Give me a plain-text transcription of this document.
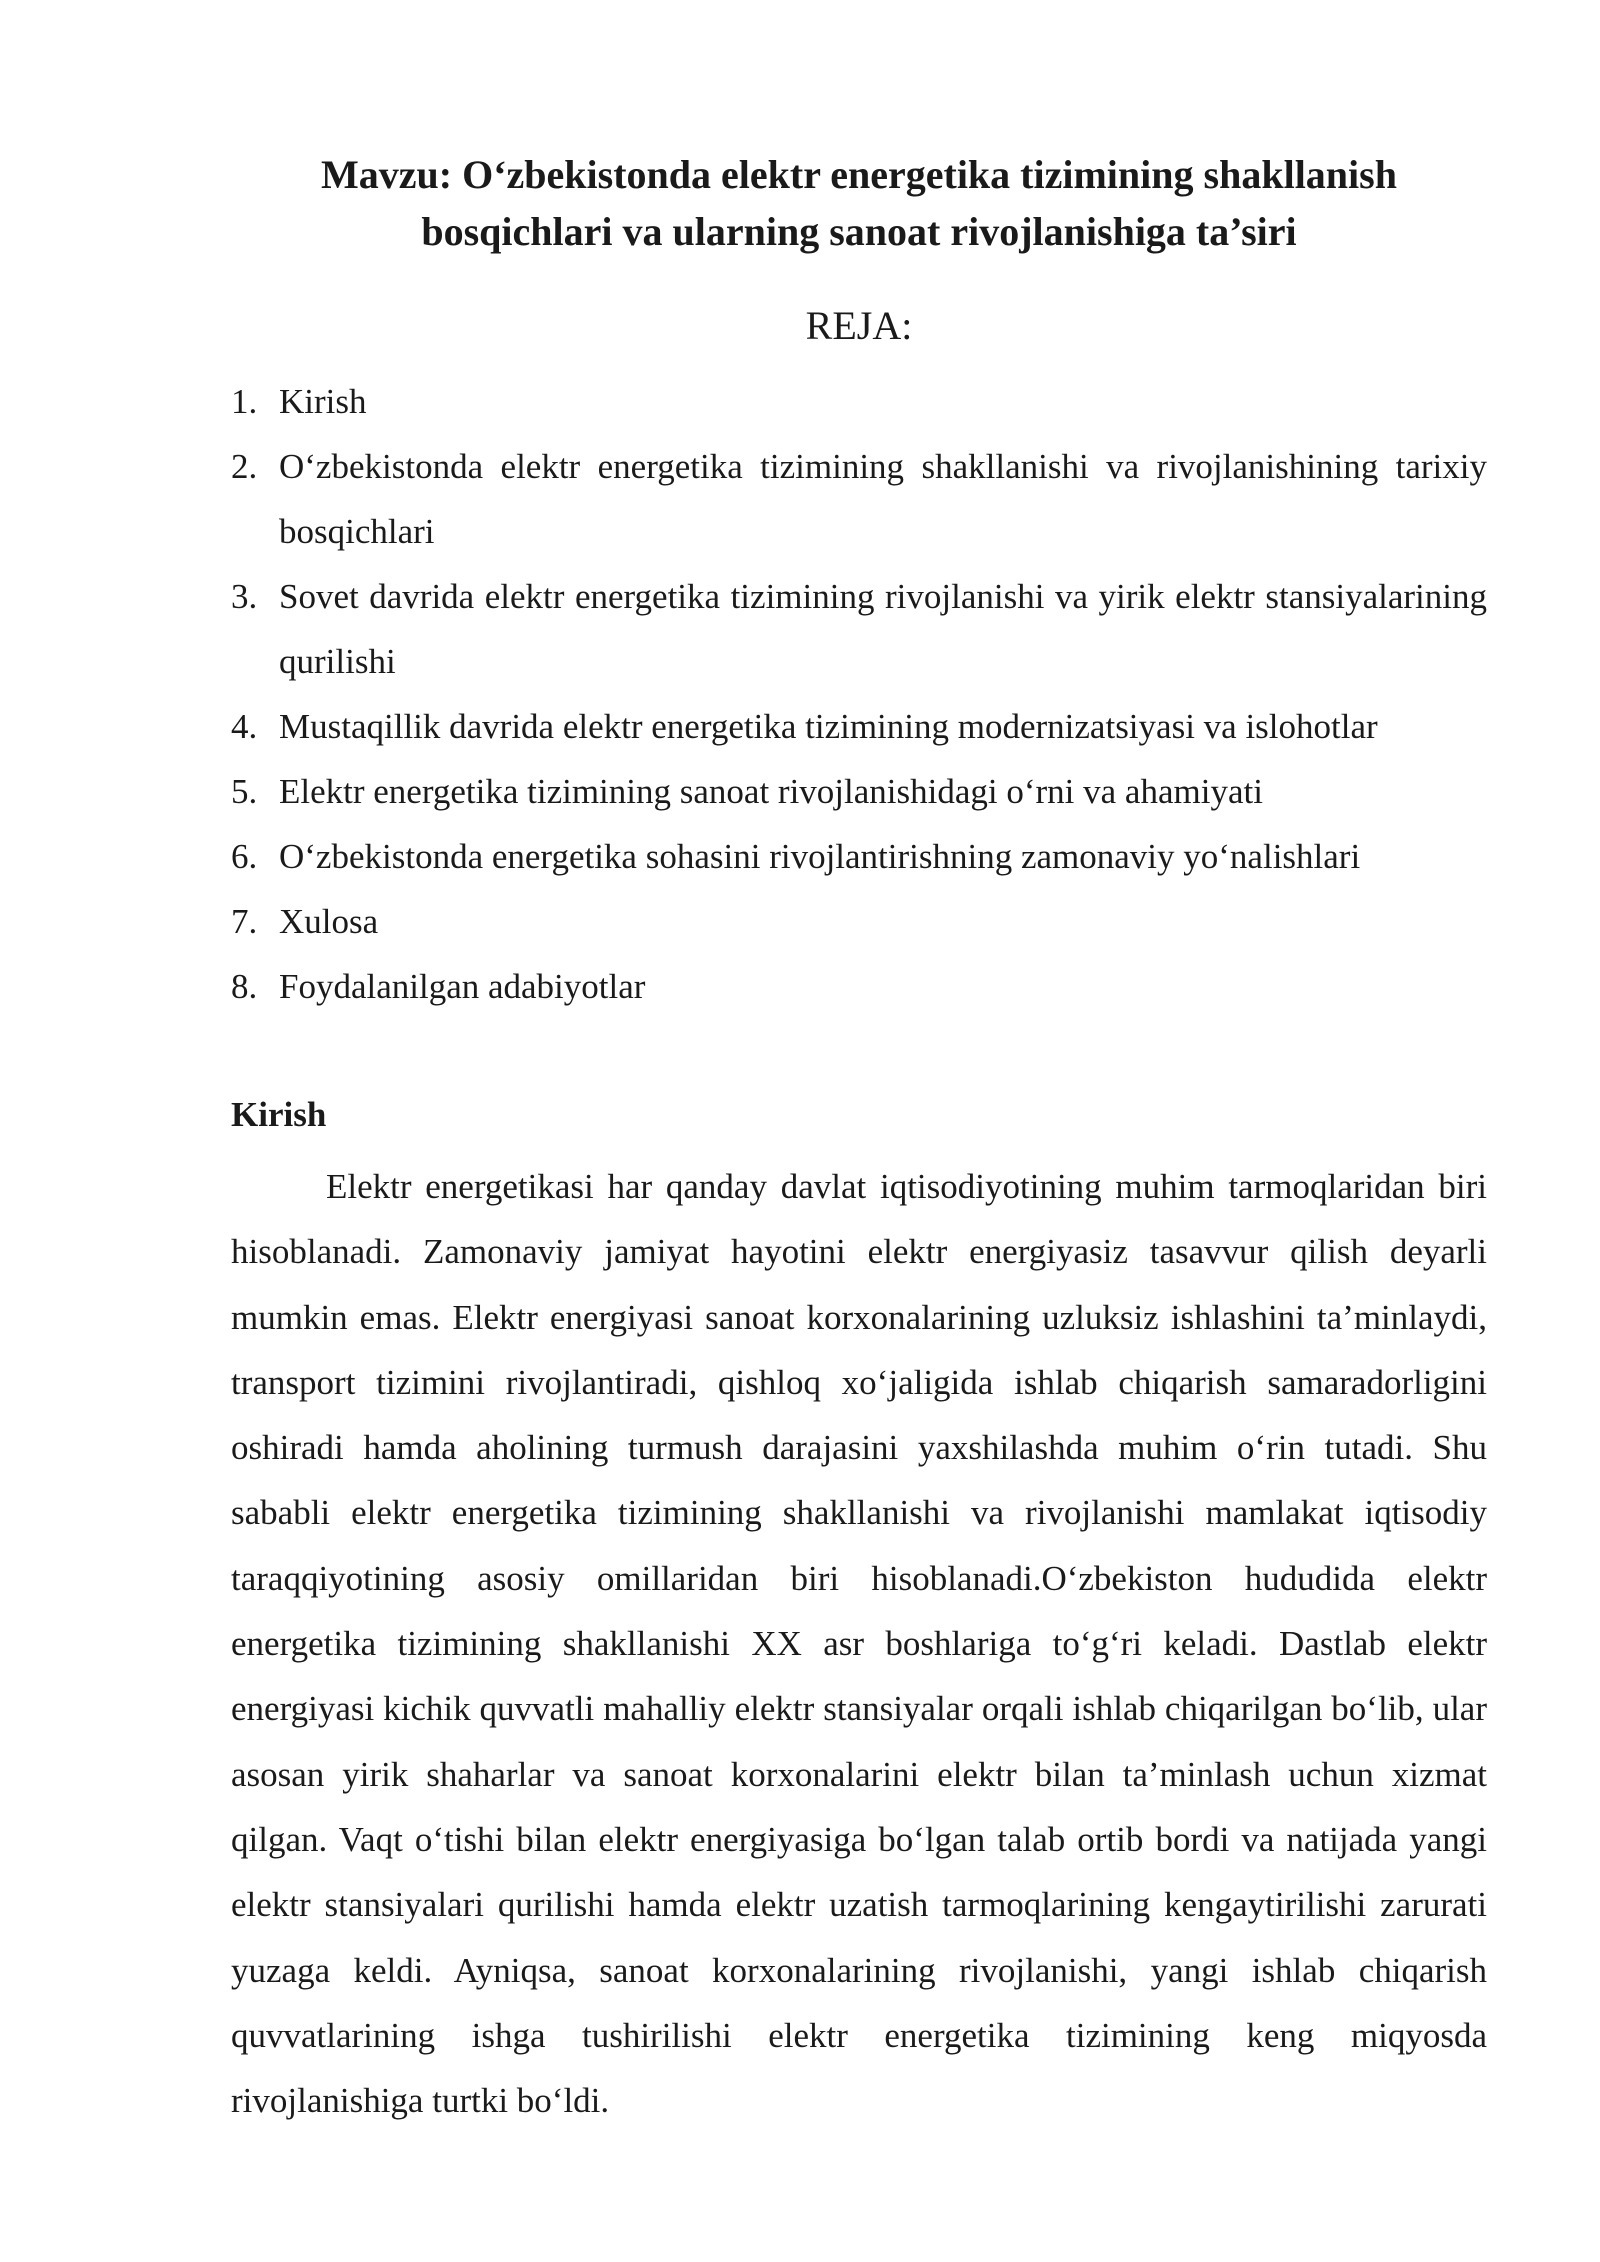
Mavzu: O‘zbekistonda elektr energetika tizimining shakllanish
bosqichlari va ularning sanoat rivojlanishiga ta’siri
REJA:
1. Kirish
2. O‘zbekistonda elektr energetika tizimining shakllanishi va rivojlanishining tarixiy bosqichlari
3. Sovet davrida elektr energetika tizimining rivojlanishi va yirik elektr stansiyalarining qurilishi
4. Mustaqillik davrida elektr energetika tizimining modernizatsiyasi va islohotlar
5. Elektr energetika tizimining sanoat rivojlanishidagi o‘rni va ahamiyati
6. O‘zbekistonda energetika sohasini rivojlantirishning zamonaviy yo‘nalishlari
7. Xulosa
8. Foydalanilgan adabiyotlar
Kirish

Elektr energetikasi har qanday davlat iqtisodiyotining muhim tarmoqlaridan biri hisoblanadi. Zamonaviy jamiyat hayotini elektr energiyasiz tasavvur qilish deyarli mumkin emas. Elektr energiyasi sanoat korxonalarining uzluksiz ishlashini ta’minlaydi, transport tizimini rivojlantiradi, qishloq xo‘jaligida ishlab chiqarish samaradorligini oshiradi hamda aholining turmush darajasini yaxshilashda muhim o‘rin tutadi. Shu sababli elektr energetika tizimining shakllanishi va rivojlanishi mamlakat iqtisodiy taraqqiyotining asosiy omillaridan biri hisoblanadi.O‘zbekiston hududida elektr energetika tizimining shakllanishi XX asr boshlariga to‘g‘ri keladi. Dastlab elektr energiyasi kichik quvvatli mahalliy elektr stansiyalar orqali ishlab chiqarilgan bo‘lib, ular asosan yirik shaharlar va sanoat korxonalarini elektr bilan ta’minlash uchun xizmat qilgan. Vaqt o‘tishi bilan elektr energiyasiga bo‘lgan talab ortib bordi va natijada yangi elektr stansiyalari qurilishi hamda elektr uzatish tarmoqlarining kengaytirilishi zarurati yuzaga keldi. Ayniqsa, sanoat korxonalarining rivojlanishi, yangi ishlab chiqarish quvvatlarining ishga tushirilishi elektr energetika tizimining keng miqyosda rivojlanishiga turtki bo‘ldi.
